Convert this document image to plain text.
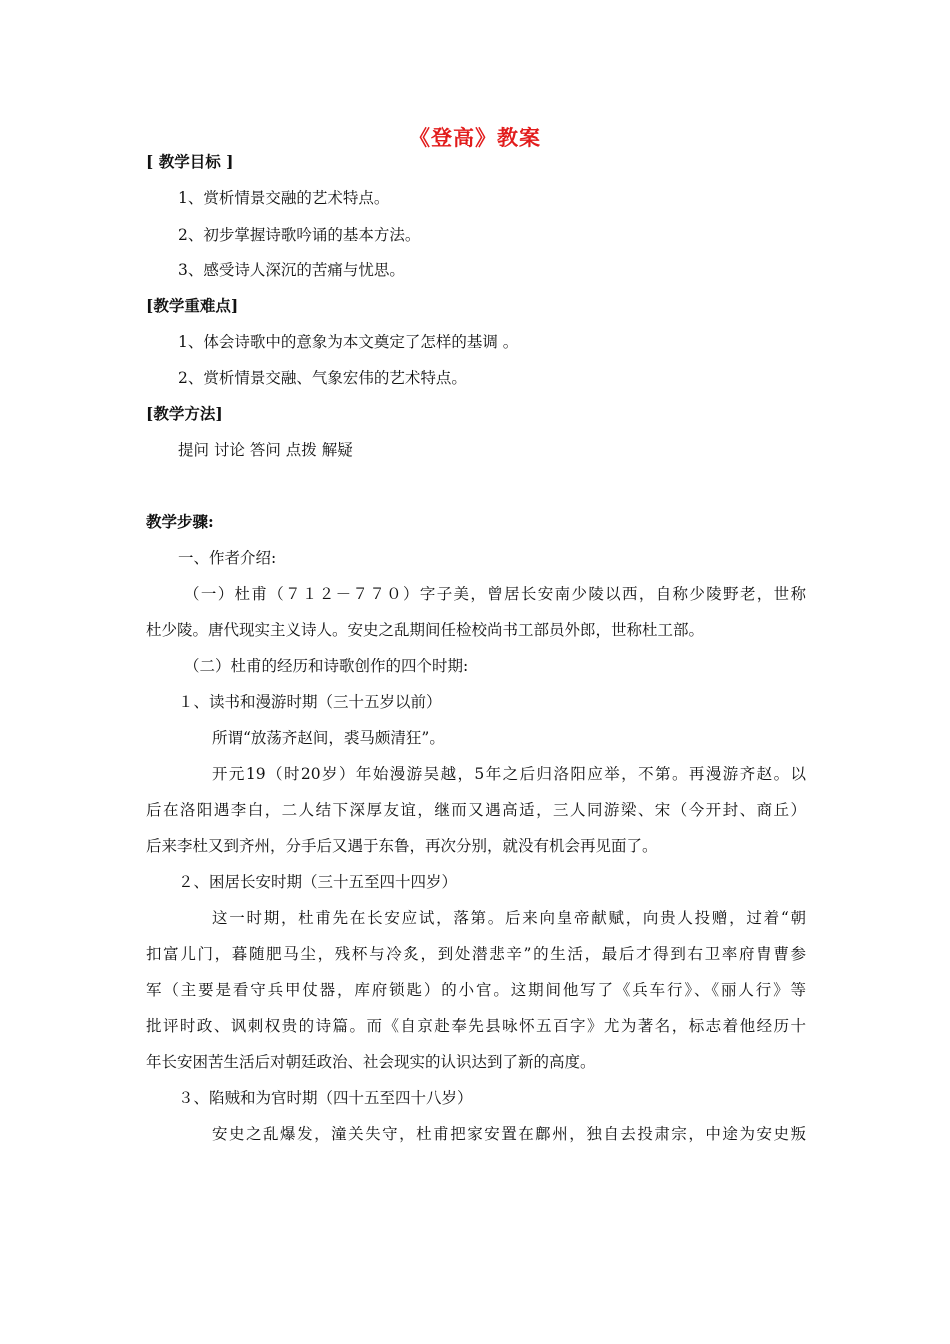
《登高》教案
[ 教学目标 ]
1、赏析情景交融的艺术特点。
2、初步掌握诗歌吟诵的基本方法。
3、感受诗人深沉的苦痛与忧思。
[教学重难点]
1、体会诗歌中的意象为本文奠定了怎样的基调 。
2、赏析情景交融、气象宏伟的艺术特点。
[教学方法]
提问 讨论 答问 点拨 解疑
教学步骤:
一、作者介绍:
（一）杜甫（７１２－７７０）字子美，曾居长安南少陵以西，自称少陵野老，世称
杜少陵。唐代现实主义诗人。安史之乱期间任检校尚书工部员外郎，世称杜工部。
（二）杜甫的经历和诗歌创作的四个时期:
１、读书和漫游时期（三十五岁以前）
所谓“放荡齐赵间，裘马颇清狂”。
开元19（时20岁）年始漫游吴越，5年之后归洛阳应举，不第。再漫游齐赵。以
后在洛阳遇李白，二人结下深厚友谊，继而又遇高适，三人同游梁、宋（今开封、商丘）
后来李杜又到齐州，分手后又遇于东鲁，再次分别，就没有机会再见面了。
２、困居长安时期（三十五至四十四岁）
这一时期，杜甫先在长安应试，落第。后来向皇帝献赋，向贵人投赠，过着“朝
扣富儿门，暮随肥马尘，残杯与冷炙，到处潜悲辛”的生活，最后才得到右卫率府胄曹参
军（主要是看守兵甲仗器，库府锁匙）的小官。这期间他写了《兵车行》、《丽人行》等
批评时政、讽刺权贵的诗篇。而《自京赴奉先县咏怀五百字》尤为著名，标志着他经历十
年长安困苦生活后对朝廷政治、社会现实的认识达到了新的高度。
３、陷贼和为官时期（四十五至四十八岁）
安史之乱爆发，潼关失守，杜甫把家安置在鄜州，独自去投肃宗，中途为安史叛
